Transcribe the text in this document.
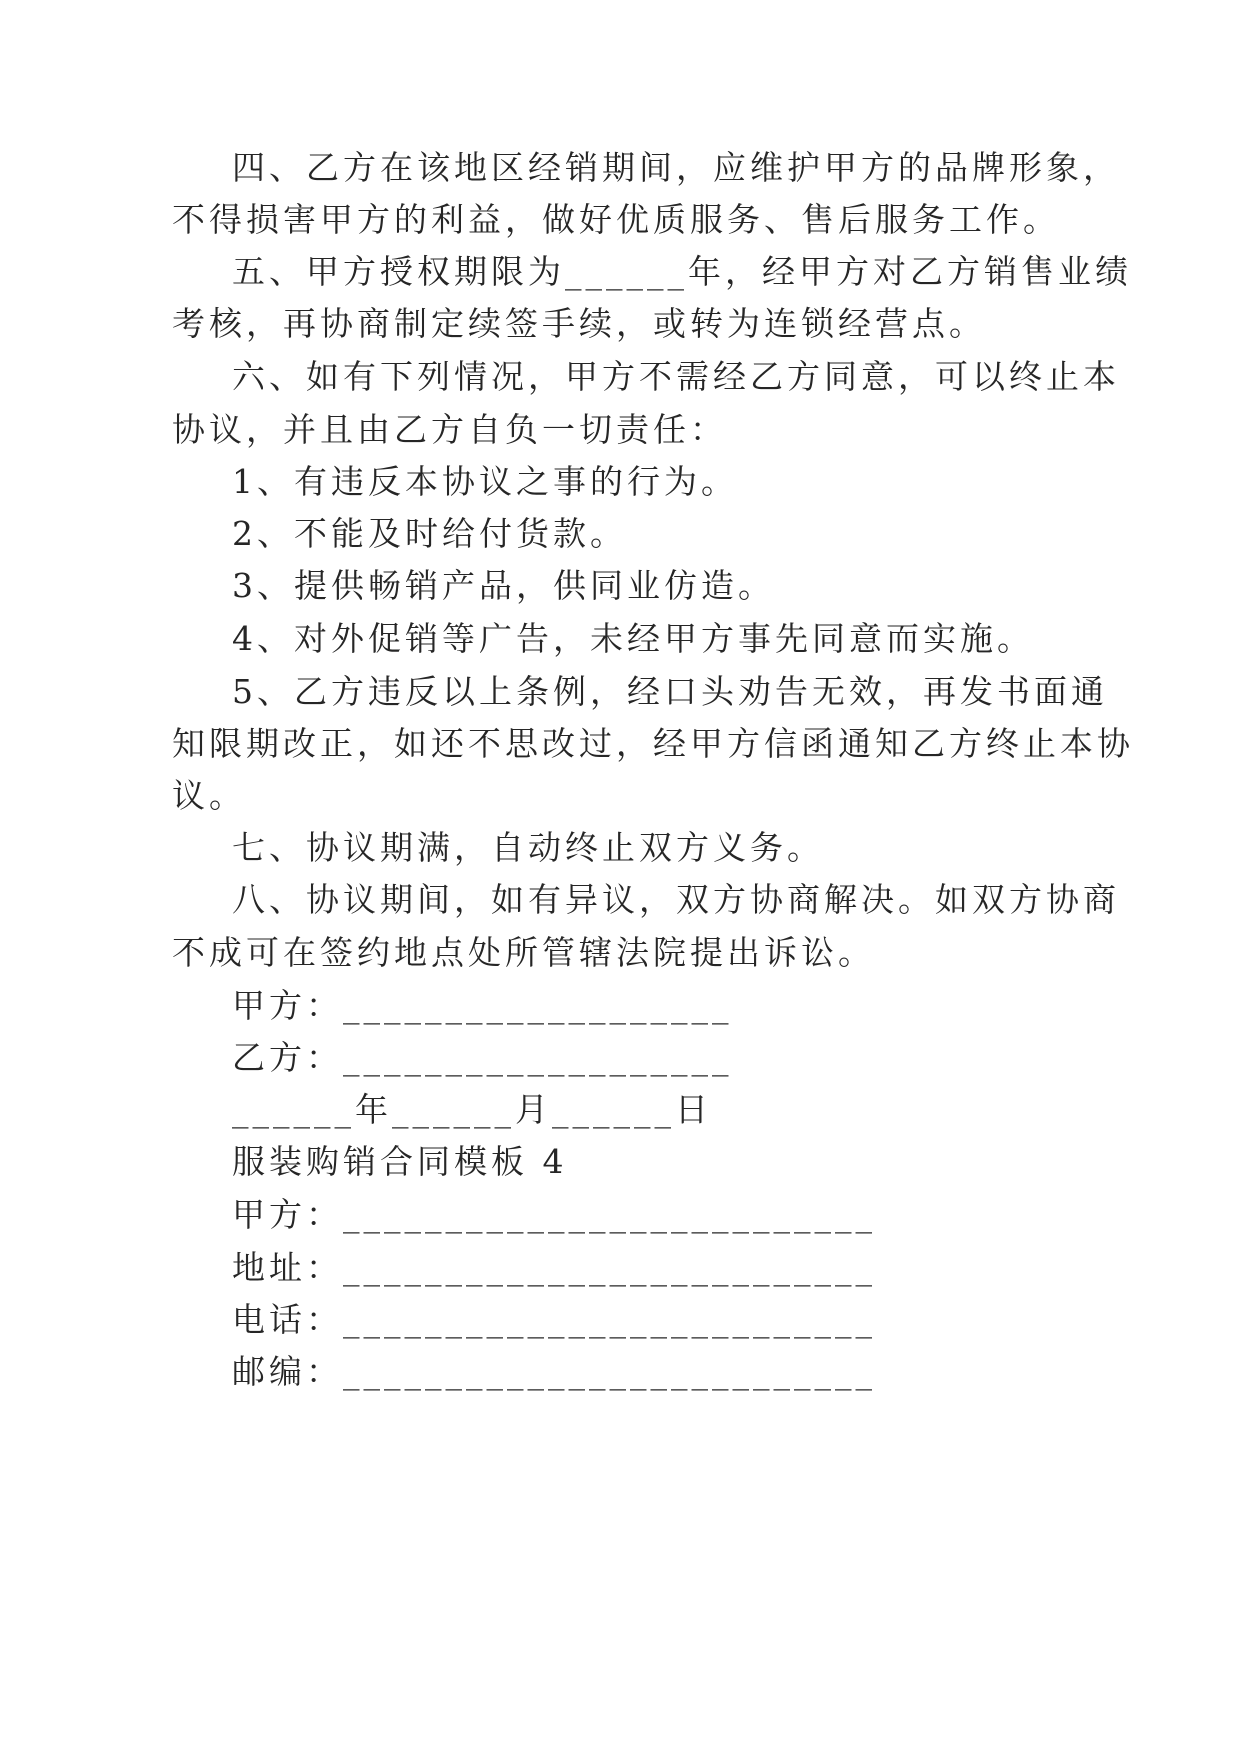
四、乙方在该地区经销期间，应维护甲方的品牌形象，

不得损害甲方的利益，做好优质服务、售后服务工作。

五、甲方授权期限为______年，经甲方对乙方销售业绩

考核，再协商制定续签手续，或转为连锁经营点。

六、如有下列情况，甲方不需经乙方同意，可以终止本

协议，并且由乙方自负一切责任：

1、有违反本协议之事的行为。

2、不能及时给付货款。

3、提供畅销产品，供同业仿造。

4、对外促销等广告，未经甲方事先同意而实施。

5、乙方违反以上条例，经口头劝告无效，再发书面通

知限期改正，如还不思改过，经甲方信函通知乙方终止本协

议。

七、协议期满，自动终止双方义务。

八、协议期间，如有异议，双方协商解决。如双方协商

不成可在签约地点处所管辖法院提出诉讼。

甲方：___________________

乙方：___________________

______年______月______日

服装购销合同模板 4

甲方：__________________________

地址：__________________________

电话：__________________________

邮编：__________________________
